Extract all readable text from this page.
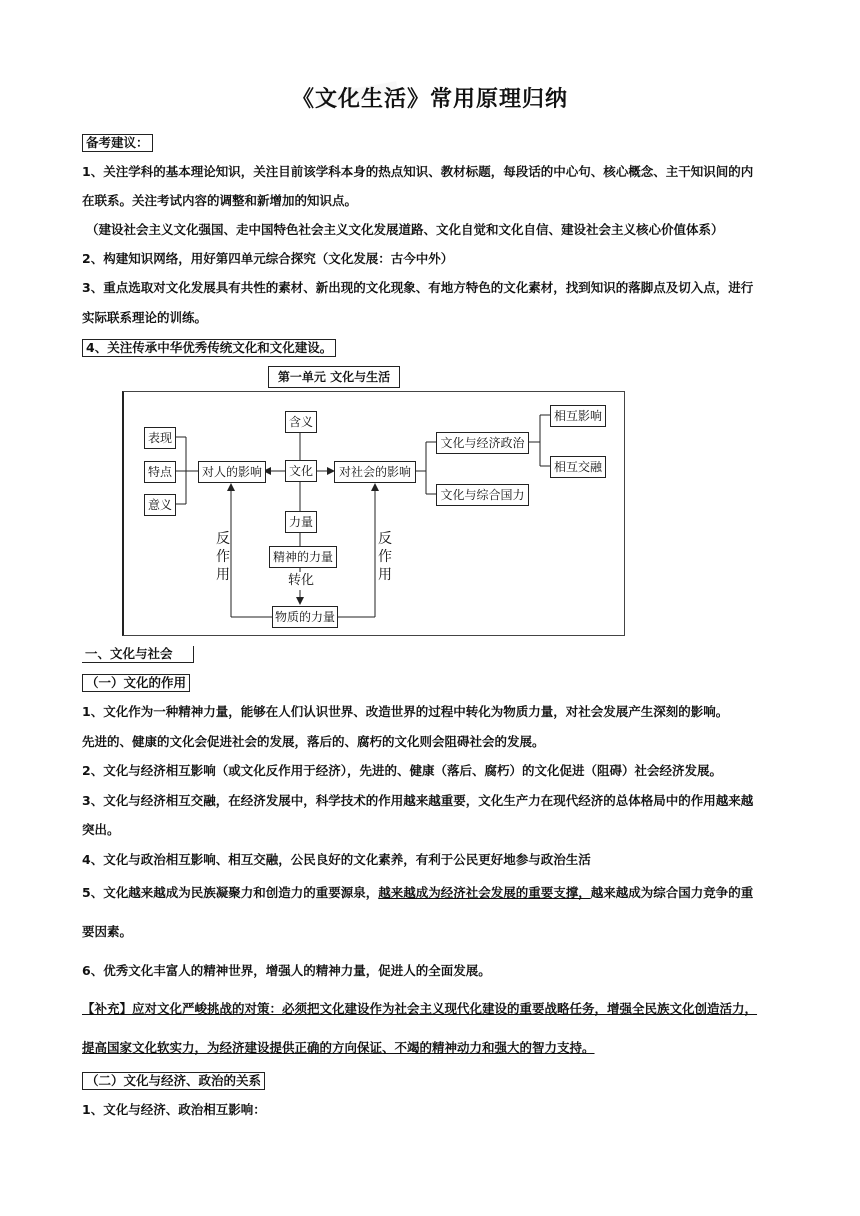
《文化生活》常用原理归纳
备考建议：
1、关注学科的基本理论知识，关注目前该学科本身的热点知识、教材标题，每段话的中心句、核心概念、主干知识间的内
在联系。关注考试内容的调整和新增加的知识点。
（建设社会主义文化强国、走中国特色社会主义文化发展道路、文化自觉和文化自信、建设社会主义核心价值体系）
2、构建知识网络，用好第四单元综合探究（文化发展：古今中外）
3、重点选取对文化发展具有共性的素材、新出现的文化现象、有地方特色的文化素材，找到知识的落脚点及切入点，进行
实际联系理论的训练。
4、关注传承中华优秀传统文化和文化建设。
第一单元 文化与生活
表现
特点
意义
对人的影响
含义
文化	对社会的影响
力量
精神的力量
转化
物质的力量
文化与经济政治
文化与综合国力
相互影响
相互交融
反
作
用
反
作
用
一、文化与社会
（一）文化的作用
1、文化作为一种精神力量，能够在人们认识世界、改造世界的过程中转化为物质力量，对社会发展产生深刻的影响。
先进的、健康的文化会促进社会的发展，落后的、腐朽的文化则会阻碍社会的发展。
2、文化与经济相互影响（或文化反作用于经济），先进的、健康（落后、腐朽）的文化促进（阻碍）社会经济发展。
3、文化与经济相互交融，在经济发展中，科学技术的作用越来越重要，文化生产力在现代经济的总体格局中的作用越来越
突出。
4、文化与政治相互影响、相互交融，公民良好的文化素养，有利于公民更好地参与政治生活
5、文化越来越成为民族凝聚力和创造力的重要源泉，越来越成为经济社会发展的重要支撑，越来越成为综合国力竞争的重
要因素。
6、优秀文化丰富人的精神世界，增强人的精神力量，促进人的全面发展。
【补充】应对文化严峻挑战的对策：必须把文化建设作为社会主义现代化建设的重要战略任务，增强全民族文化创造活力，
提高国家文化软实力，为经济建设提供正确的方向保证、不竭的精神动力和强大的智力支持。
（二）文化与经济、政治的关系
1、文化与经济、政治相互影响：
